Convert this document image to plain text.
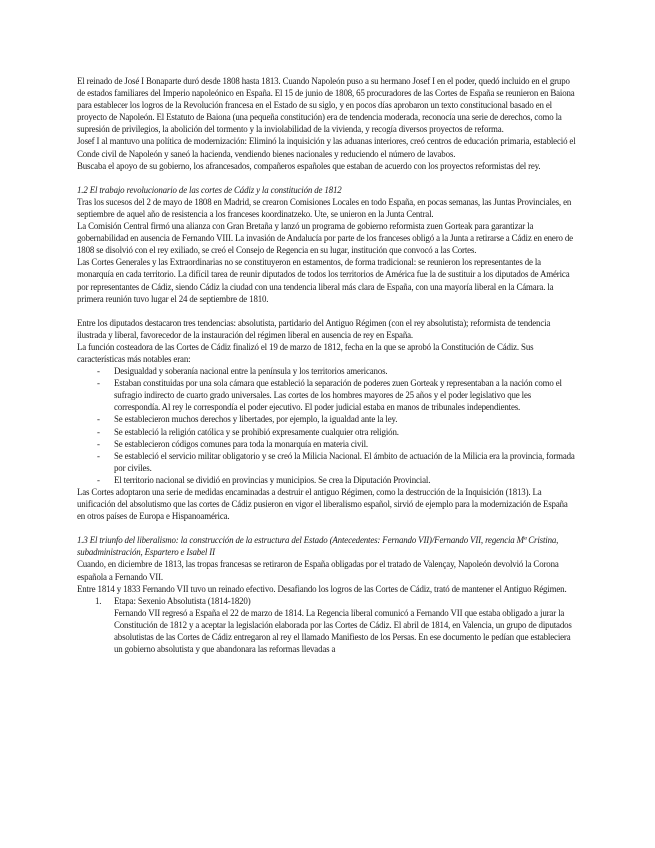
El reinado de José I Bonaparte duró desde 1808 hasta 1813. Cuando Napoleón puso a su hermano Josef I en el poder, quedó incluido en el grupo de estados familiares del Imperio napoleónico en España. El 15 de junio de 1808, 65 procuradores de las Cortes de España se reunieron en Baiona para establecer los logros de la Revolución francesa en el Estado de su siglo, y en pocos días aprobaron un texto constitucional basado en el proyecto de Napoleón. El Estatuto de Baiona (una pequeña constitución) era de tendencia moderada, reconocía una serie de derechos, como la supresión de privilegios, la abolición del tormento y la inviolabilidad de la vivienda, y recogía diversos proyectos de reforma.

Josef I al mantuvo una política de modernización: Eliminó la inquisición y las aduanas interiores, creó centros de educación primaria, estableció el Conde civil de Napoleón y saneó la hacienda, vendiendo bienes nacionales y reduciendo el número de lavabos.

Buscaba el apoyo de su gobierno, los afrancesados, compañeros españoles que estaban de acuerdo con los proyectos reformistas del rey.

1.2 El trabajo revolucionario de las cortes de Cádiz y la constitución de 1812

Tras los sucesos del 2 de mayo de 1808 en Madrid, se crearon Comisiones Locales en todo España, en pocas semanas, las Juntas Provinciales, en septiembre de aquel año de resistencia a los franceses koordinatzeko. Ute, se unieron en la Junta Central.

La Comisión Central firmó una alianza con Gran Bretaña y lanzó un programa de gobierno reformista zuen Gorteak para garantizar la gobernabilidad en ausencia de Fernando VIII. La invasión de Andalucía por parte de los franceses obligó a la Junta a retirarse a Cádiz en enero de 1808 se disolvió con el rey exiliado, se creó el Consejo de Regencia en su lugar, institución que convocó a las Cortes.

Las Cortes Generales y las Extraordinarias no se constituyeron en estamentos, de forma tradicional: se reunieron los representantes de la monarquía en cada territorio. La difícil tarea de reunir diputados de todos los territorios de América fue la de sustituir a los diputados de América por representantes de Cádiz, siendo Cádiz la ciudad con una tendencia liberal más clara de España, con una mayoría liberal en la Cámara. la primera reunión tuvo lugar el 24 de septiembre de 1810.

Entre los diputados destacaron tres tendencias: absolutista, partidario del Antiguo Régimen (con el rey absolutista); reformista de tendencia ilustrada y liberal, favorecedor de la instauración del régimen liberal en ausencia de rey en España.

La función costeadora de las Cortes de Cádiz finalizó el 19 de marzo de 1812, fecha en la que se aprobó la Constitución de Cádiz. Sus características más notables eran:

- Desigualdad y soberanía nacional entre la península y los territorios americanos.
- Estaban constituidas por una sola cámara que estableció la separación de poderes zuen Gorteak y representaban a la nación como el sufragio indirecto de cuarto grado universales. Las cortes de los hombres mayores de 25 años y el poder legislativo que les correspondía. Al rey le correspondía el poder ejecutivo. El poder judicial estaba en manos de tribunales independientes.
- Se establecieron muchos derechos y libertades, por ejemplo, la igualdad ante la ley.
- Se estableció la religión católica y se prohibió expresamente cualquier otra religión.
- Se establecieron códigos comunes para toda la monarquía en materia civil.
- Se estableció el servicio militar obligatorio y se creó la Milicia Nacional. El ámbito de actuación de la Milicia era la provincia, formada por civiles.
- El territorio nacional se dividió en provincias y municipios. Se crea la Diputación Provincial.

Las Cortes adoptaron una serie de medidas encaminadas a destruir el antiguo Régimen, como la destrucción de la Inquisición (1813). La unificación del absolutismo que las cortes de Cádiz pusieron en vigor el liberalismo español, sirvió de ejemplo para la modernización de España en otros países de Europa e Hispanoamérica.

1.3 El triunfo del liberalismo: la construcción de la estructura del Estado (Antecedentes: Fernando VII)/Fernando VII, regencia Mª Cristina, subadministración, Espartero e Isabel II

Cuando, en diciembre de 1813, las tropas francesas se retiraron de España obligadas por el tratado de Valençay, Napoleón devolvió la Corona española a Fernando VII.

Entre 1814 y 1833 Fernando VII tuvo un reinado efectivo. Desafiando los logros de las Cortes de Cádiz, trató de mantener el Antiguo Régimen.

1. Etapa: Sexenio Absolutista (1814-1820)
Fernando VII regresó a España el 22 de marzo de 1814. La Regencia liberal comunicó a Fernando VII que estaba obligado a jurar la Constitución de 1812 y a aceptar la legislación elaborada por las Cortes de Cádiz. El abril de 1814, en Valencia, un grupo de diputados absolutistas de las Cortes de Cádiz entregaron al rey el llamado Manifiesto de los Persas. En ese documento le pedían que estableciera un gobierno absolutista y que abandonara las reformas llevadas a
